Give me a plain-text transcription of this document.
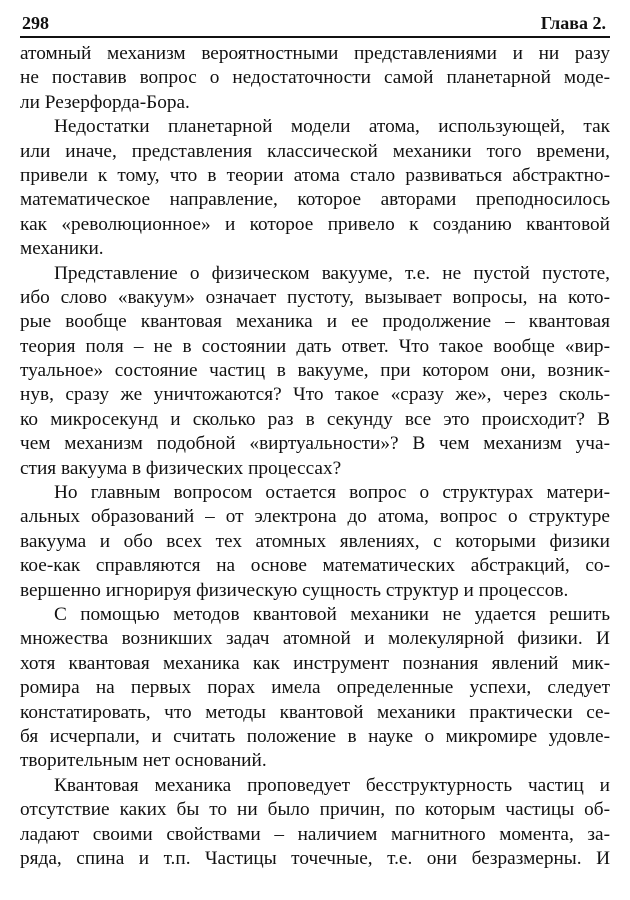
298	Глава 2.
атомный механизм вероятностными представлениями и ни разу
не поставив вопрос о недостаточности самой планетарной моде-
ли Резерфорда-Бора.
Недостатки планетарной модели атома, использующей, так
или иначе, представления классической механики того времени,
привели к тому, что в теории атома стало развиваться абстрактно-
математическое направление, которое авторами преподносилось
как «революционное» и которое привело к созданию квантовой
механики.
Представление о физическом вакууме, т.е. не пустой пустоте,
ибо слово «вакуум» означает пустоту, вызывает вопросы, на кото-
рые вообще квантовая механика и ее продолжение – квантовая
теория поля – не в состоянии дать ответ. Что такое вообще «вир-
туальное» состояние частиц в вакууме, при котором они, возник-
нув, сразу же уничтожаются? Что такое «сразу же», через сколь-
ко микросекунд и сколько раз в секунду все это происходит? В
чем механизм подобной «виртуальности»? В чем механизм уча-
стия вакуума в физических процессах?
Но главным вопросом остается вопрос о структурах матери-
альных образований – от электрона до атома, вопрос о структуре
вакуума и обо всех тех атомных явлениях, с которыми физики
кое-как справляются на основе математических абстракций, со-
вершенно игнорируя физическую сущность структур и процессов.
С помощью методов квантовой механики не удается решить
множества возникших задач атомной и молекулярной физики. И
хотя квантовая механика как инструмент познания явлений мик-
ромира на первых порах имела определенные успехи, следует
констатировать, что методы квантовой механики практически се-
бя исчерпали, и считать положение в науке о микромире удовле-
творительным нет оснований.
Квантовая механика проповедует бесструктурность частиц и
отсутствие каких бы то ни было причин, по которым частицы об-
ладают своими свойствами – наличием магнитного момента, за-
ряда, спина и т.п. Частицы точечные, т.е. они безразмерны. И
